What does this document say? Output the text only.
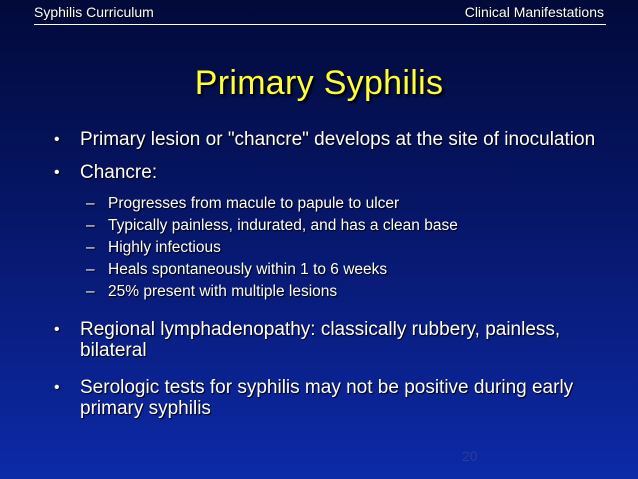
Syphilis Curriculum	Clinical Manifestations
Primary Syphilis
• Primary lesion or "chancre" develops at the site of inoculation
• Chancre:
– Progresses from macule to papule to ulcer
– Typically painless, indurated, and has a clean base
– Highly infectious
– Heals spontaneously within 1 to 6 weeks
– 25% present with multiple lesions
• Regional lymphadenopathy: classically rubbery, painless, bilateral
• Serologic tests for syphilis may not be positive during early primary syphilis
20
